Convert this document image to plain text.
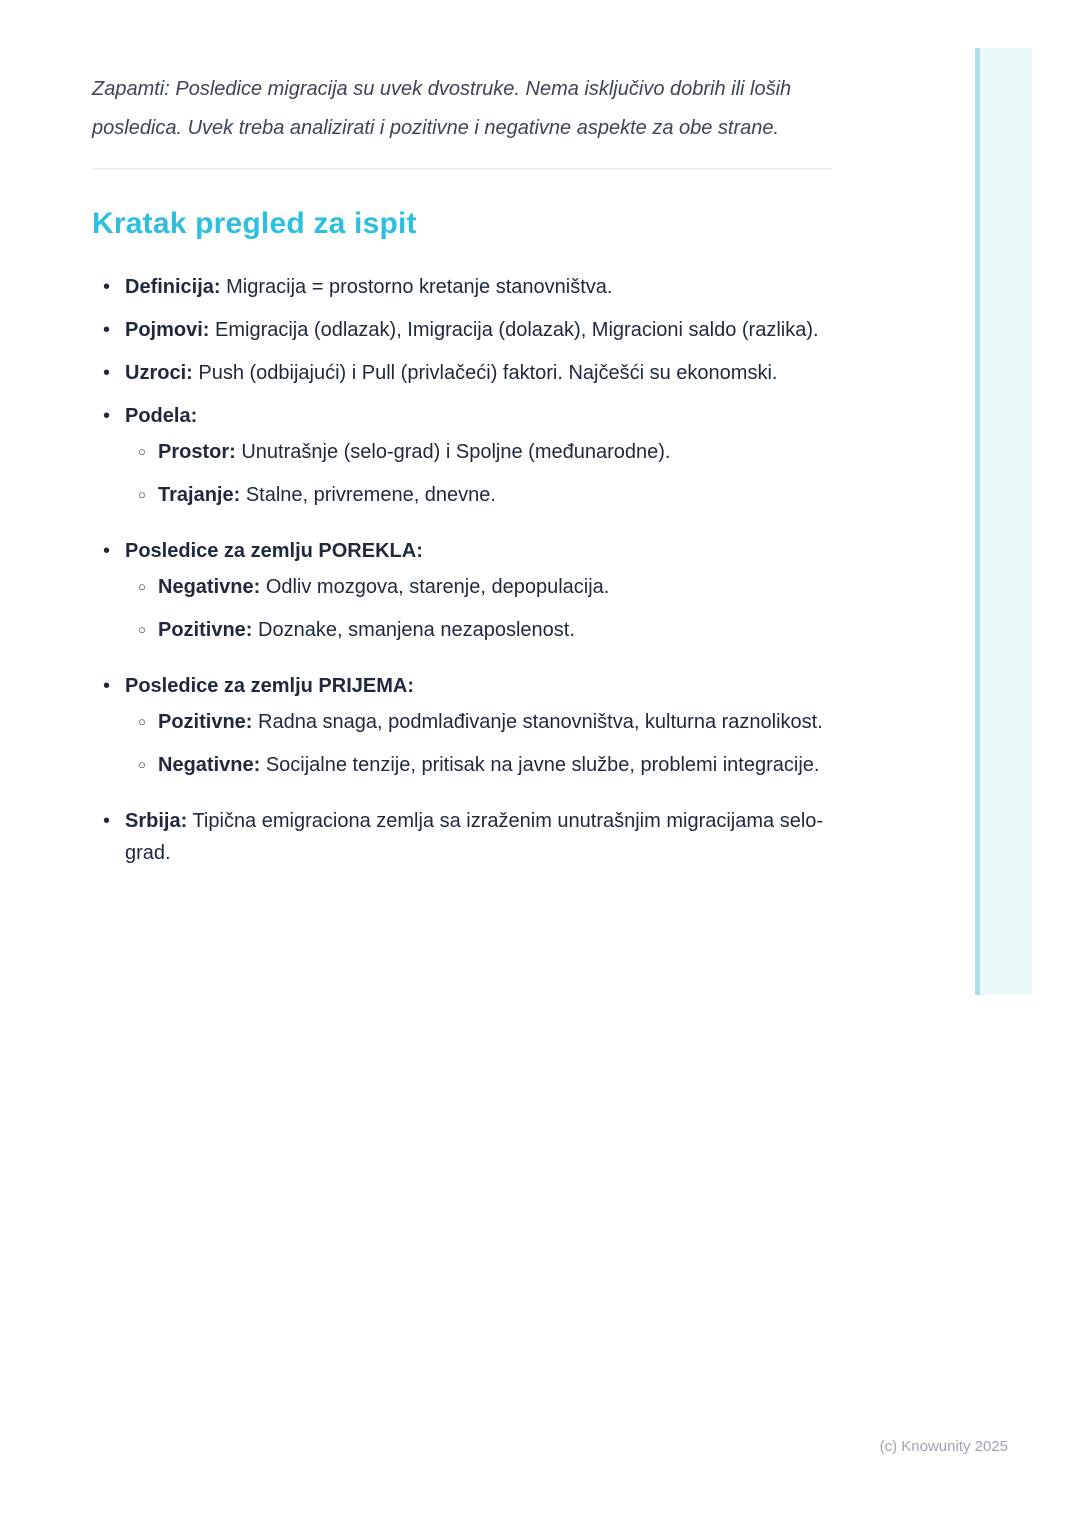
Zapamti: Posledice migracija su uvek dvostruke. Nema isključivo dobrih ili loših posledica. Uvek treba analizirati i pozitivne i negativne aspekte za obe strane.

Kratak pregled za ispit
• Definicija: Migracija = prostorno kretanje stanovništva.
• Pojmovi: Emigracija (odlazak), Imigracija (dolazak), Migracioni saldo (razlika).
• Uzroci: Push (odbijajući) i Pull (privlačeći) faktori. Najčešći su ekonomski.
• Podela:
○ Prostor: Unutrašnje (selo-grad) i Spoljne (međunarodne).
○ Trajanje: Stalne, privremene, dnevne.
• Posledice za zemlju POREKLA:
○ Negativne: Odliv mozgova, starenje, depopulacija.
○ Pozitivne: Doznake, smanjena nezaposlenost.
• Posledice za zemlju PRIJEMA:
○ Pozitivne: Radna snaga, podmlađivanje stanovništva, kulturna raznolikost.
○ Negativne: Socijalne tenzije, pritisak na javne službe, problemi integracije.
• Srbija: Tipična emigraciona zemlja sa izraženim unutrašnjim migracijama selo-grad.
(c) Knowunity 2025
